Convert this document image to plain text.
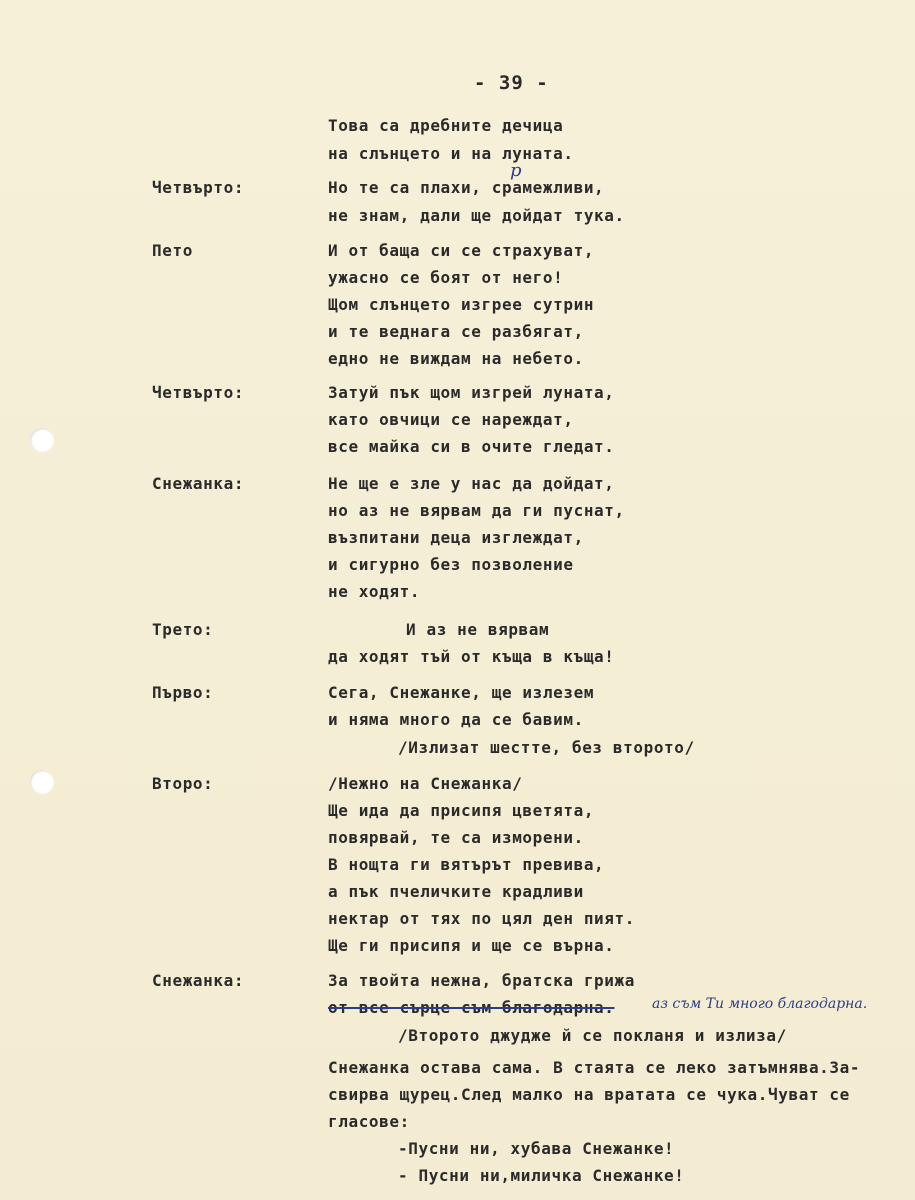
- 39 -
Това са дребните дечица
на слънцето и на луната.
Четвърто:	Но те са плахи, срамежливи,
не знам, дали ще дойдат тука.
р
Пето	И от баща си се страхуват,
ужасно се боят от него!
Щом слънцето изгрее сутрин
и те веднага се разбягат,
едно не виждам на небето.
Четвърто:	Затуй пък щом изгрей луната,
като овчици се нареждат,
все майка си в очите гледат.
Снежанка:	Не ще е зле у нас да дойдат,
но аз не вярвам да ги пуснат,
възпитани деца изглеждат,
и сигурно без позволение
не ходят.
Трето:	И аз не вярвам
да ходят тъй от къща в къща!
Първо:	Сега, Снежанке, ще излезем
и няма много да се бавим.
/Излизат шестте, без второто/
Второ:	/Нежно на Снежанка/
Ще ида да присипя цветята,
повярвай, те са изморени.
В нощта ги вятърът превива,
а пък пчеличките крадливи
нектар от тях по цял ден пият.
Ще ги присипя и ще се върна.
Снежанка:	За твойта нежна, братска грижа
от все сърце съм благодарна.	аз съм Ти много благодарна.
/Второто джудже й се покланя и излиза/
Снежанка остава сама. В стаята се леко затъмнява.За-
свирва щурец.След малко на вратата се чука.Чуват се
гласове:
-Пусни ни, хубава Снежанке!
- Пусни ни,миличка Снежанке!
